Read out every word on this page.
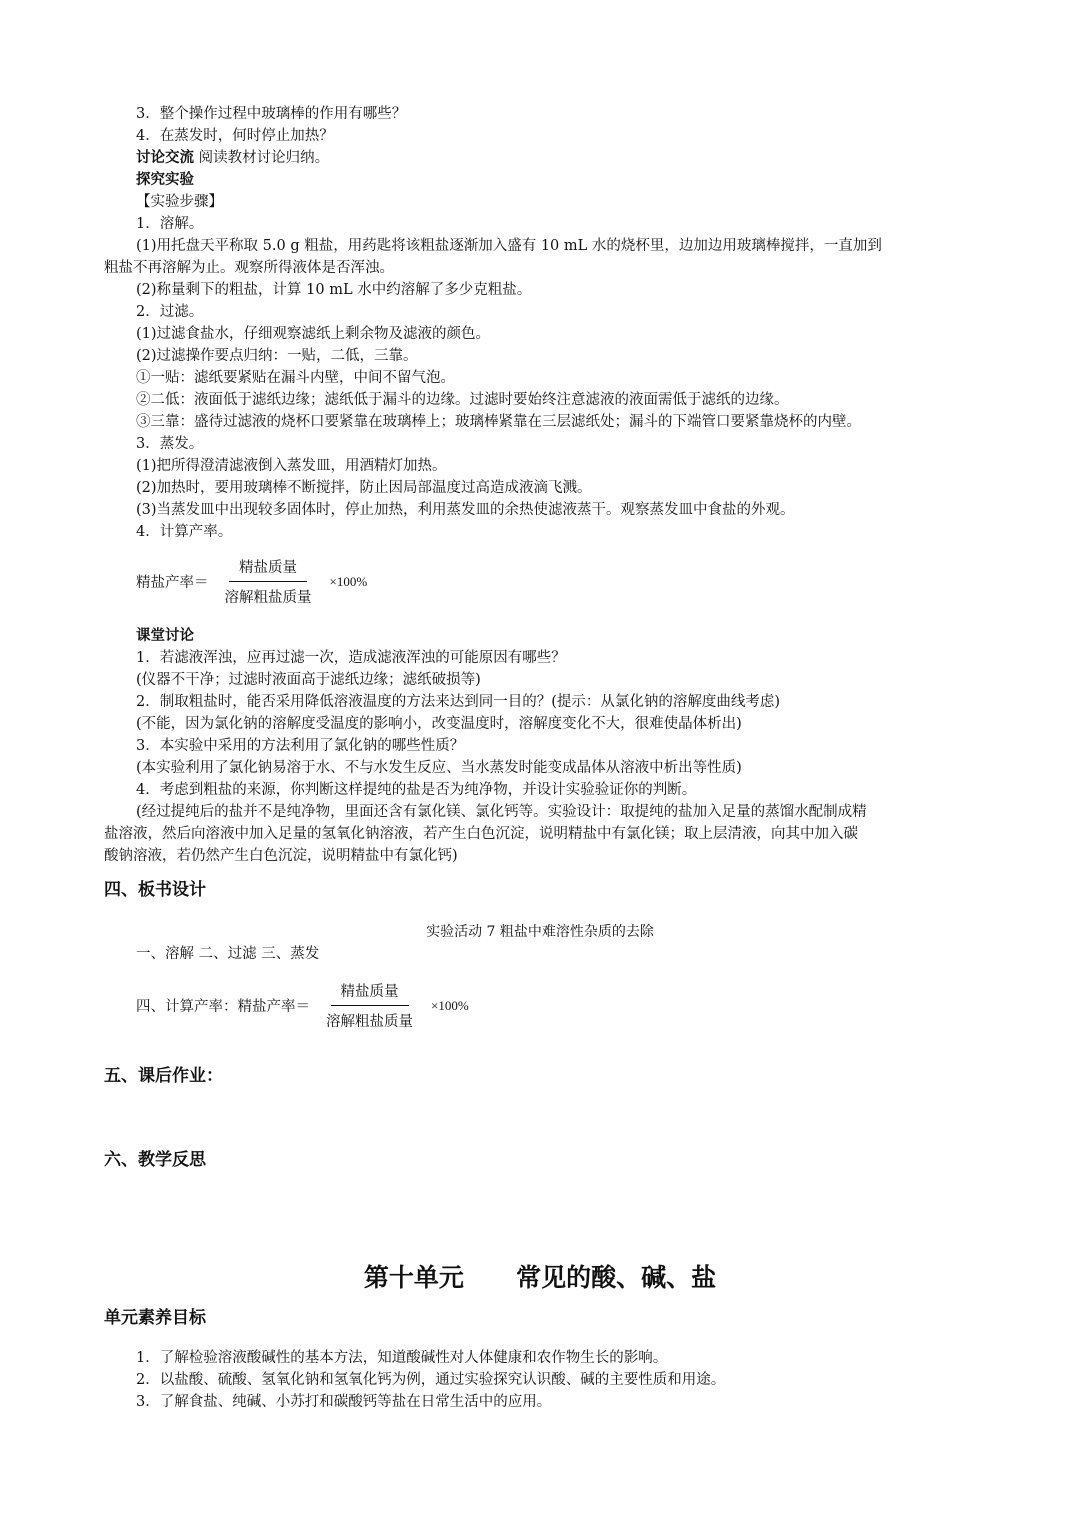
3．整个操作过程中玻璃棒的作用有哪些？
4．在蒸发时，何时停止加热？
讨论交流 阅读教材讨论归纳。
探究实验
【实验步骤】
1．溶解。
(1)用托盘天平称取 5.0 g 粗盐，用药匙将该粗盐逐渐加入盛有 10 mL 水的烧杯里，边加边用玻璃棒搅拌，一直加到
粗盐不再溶解为止。观察所得液体是否浑浊。
(2)称量剩下的粗盐，计算 10 mL 水中约溶解了多少克粗盐。
2．过滤。
(1)过滤食盐水，仔细观察滤纸上剩余物及滤液的颜色。
(2)过滤操作要点归纳：一贴，二低，三靠。
①一贴：滤纸要紧贴在漏斗内壁，中间不留气泡。
②二低：液面低于滤纸边缘；滤纸低于漏斗的边缘。过滤时要始终注意滤液的液面需低于滤纸的边缘。
③三靠：盛待过滤液的烧杯口要紧靠在玻璃棒上；玻璃棒紧靠在三层滤纸处；漏斗的下端管口要紧靠烧杯的内壁。
3．蒸发。
(1)把所得澄清滤液倒入蒸发皿，用酒精灯加热。
(2)加热时，要用玻璃棒不断搅拌，防止因局部温度过高造成液滴飞溅。
(3)当蒸发皿中出现较多固体时，停止加热，利用蒸发皿的余热使滤液蒸干。观察蒸发皿中食盐的外观。
4．计算产率。
精盐产率＝ $\frac{\text{精盐质量}}{\text{溶解粗盐质量}} \times 100\%$
课堂讨论
1．若滤液浑浊，应再过滤一次，造成滤液浑浊的可能原因有哪些？
(仪器不干净；过滤时液面高于滤纸边缘；滤纸破损等)
2．制取粗盐时，能否采用降低溶液温度的方法来达到同一目的？(提示：从氯化钠的溶解度曲线考虑)
(不能，因为氯化钠的溶解度受温度的影响小，改变温度时，溶解度变化不大，很难使晶体析出)
3．本实验中采用的方法利用了氯化钠的哪些性质？
(本实验利用了氯化钠易溶于水、不与水发生反应、当水蒸发时能变成晶体从溶液中析出等性质)
4．考虑到粗盐的来源，你判断这样提纯的盐是否为纯净物，并设计实验验证你的判断。
(经过提纯后的盐并不是纯净物，里面还含有氯化镁、氯化钙等。实验设计：取提纯的盐加入足量的蒸馏水配制成精
盐溶液，然后向溶液中加入足量的氢氧化钠溶液，若产生白色沉淀，说明精盐中有氯化镁；取上层清液，向其中加入碳
酸钠溶液，若仍然产生白色沉淀，说明精盐中有氯化钙)
四、板书设计
实验活动 7 粗盐中难溶性杂质的去除
一、溶解 二、过滤 三、蒸发
四、计算产率：精盐产率＝ $\frac{\text{精盐质量}}{\text{溶解粗盐质量}} \times 100\%$
五、课后作业：
六、教学反思
第十单元      常见的酸、碱、盐
单元素养目标
1．了解检验溶液酸碱性的基本方法，知道酸碱性对人体健康和农作物生长的影响。
2．以盐酸、硫酸、氢氧化钠和氢氧化钙为例，通过实验探究认识酸、碱的主要性质和用途。
3．了解食盐、纯碱、小苏打和碳酸钙等盐在日常生活中的应用。
